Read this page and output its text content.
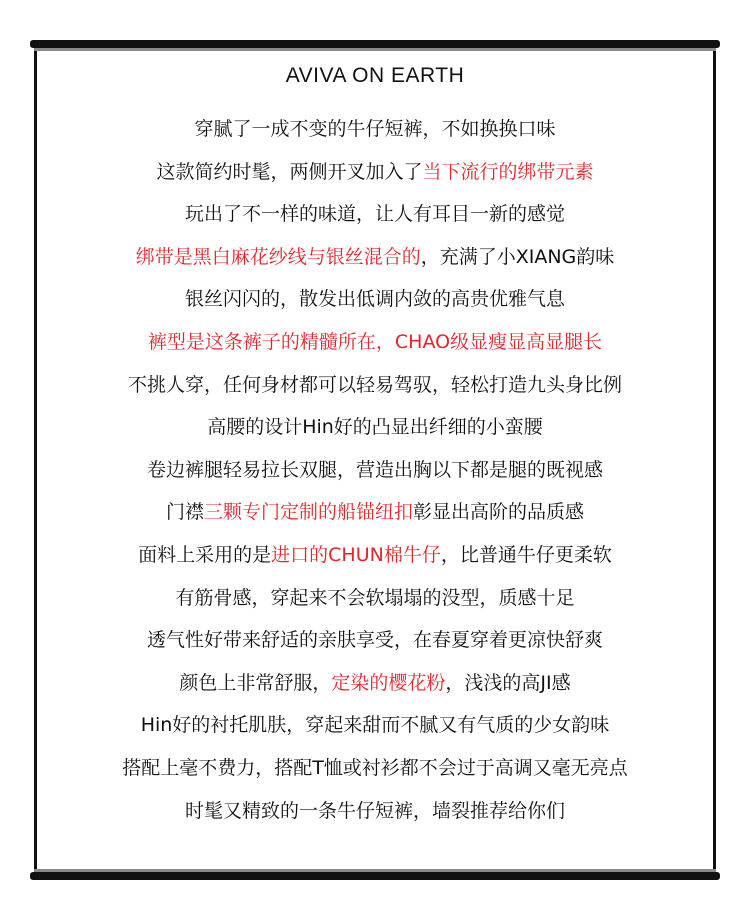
AVIVA ON EARTH
穿腻了一成不变的牛仔短裤，不如换换口味
这款简约时髦，两侧开叉加入了当下流行的绑带元素
玩出了不一样的味道，让人有耳目一新的感觉
绑带是黑白麻花纱线与银丝混合的，充满了小XIANG韵味
银丝闪闪的，散发出低调内敛的高贵优雅气息
裤型是这条裤子的精髓所在，CHAO级显瘦显高显腿长
不挑人穿，任何身材都可以轻易驾驭，轻松打造九头身比例
高腰的设计Hin好的凸显出纤细的小蛮腰
卷边裤腿轻易拉长双腿，营造出胸以下都是腿的既视感
门襟三颗专门定制的船锚纽扣彰显出高阶的品质感
面料上采用的是进口的CHUN棉牛仔，比普通牛仔更柔软
有筋骨感，穿起来不会软塌塌的没型，质感十足
透气性好带来舒适的亲肤享受，在春夏穿着更凉快舒爽
颜色上非常舒服，定染的樱花粉，浅浅的高JI感
Hin好的衬托肌肤，穿起来甜而不腻又有气质的少女韵味
搭配上毫不费力，搭配T恤或衬衫都不会过于高调又毫无亮点
时髦又精致的一条牛仔短裤，墙裂推荐给你们
